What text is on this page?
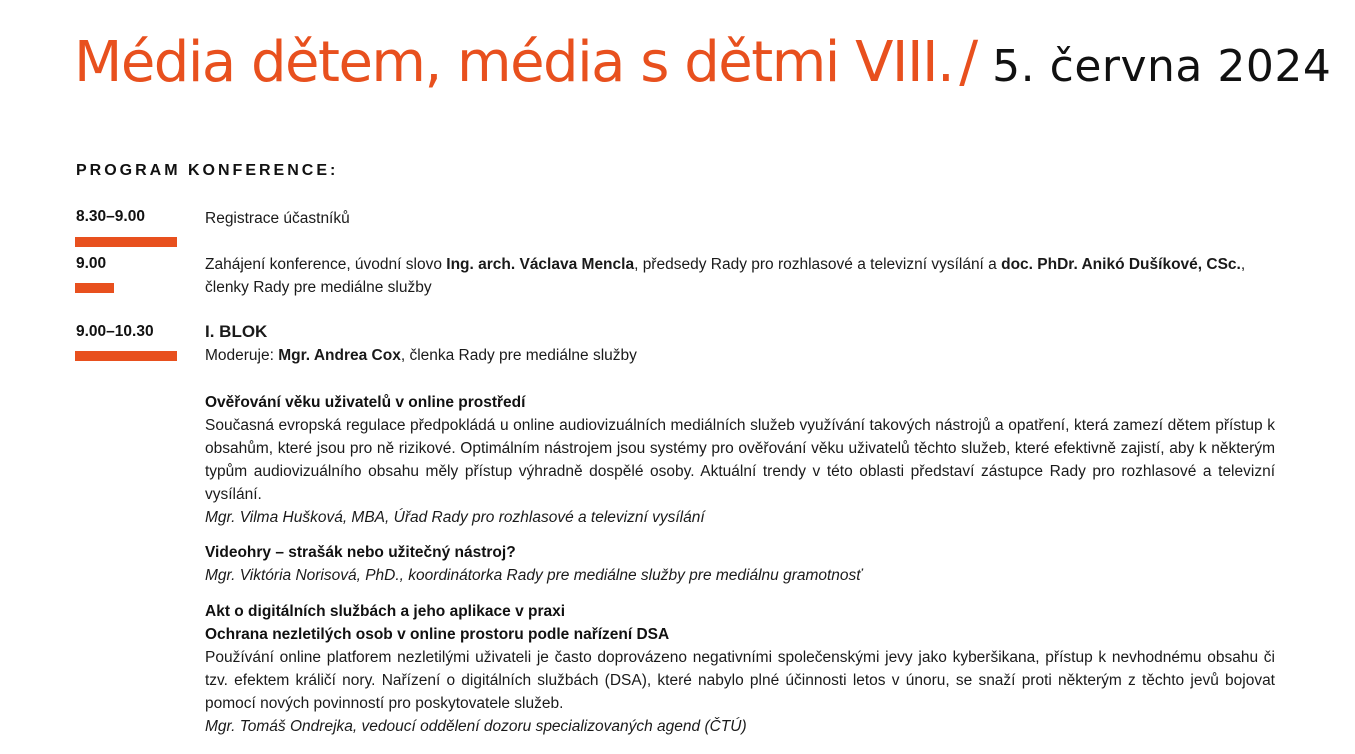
Média dětem, média s dětmi VIII. / 5. června 2024
PROGRAM KONFERENCE:
8.30–9.00	Registrace účastníků
9.00	Zahájení konference, úvodní slovo Ing. arch. Václava Mencla, předsedy Rady pro rozhlasové a televizní vysílání a doc. PhDr. Anikó Dušíkové, CSc.,
členky Rady pre mediálne služby
9.00–10.30	I. BLOK
Moderuje: Mgr. Andrea Cox, členka Rady pre mediálne služby
Ověřování věku uživatelů v online prostředí
Současná evropská regulace předpokládá u online audiovizuálních mediálních služeb využívání takových nástrojů a opatření, která zamezí dětem přístup k obsahům, které jsou pro ně rizikové. Optimálním nástrojem jsou systémy pro ověřování věku uživatelů těchto služeb, které efektivně zajistí, aby k některým typům audiovizuálního obsahu měly přístup výhradně dospělé osoby. Aktuální trendy v této oblasti představí zástupce Rady pro rozhlasové a televizní vysílání.
Mgr. Vilma Hušková, MBA, Úřad Rady pro rozhlasové a televizní vysílání
Videohry – strašák nebo užitečný nástroj?
Mgr. Viktória Norisová, PhD., koordinátorka Rady pre mediálne služby pre mediálnu gramotnosť
Akt o digitálních službách a jeho aplikace v praxi
Ochrana nezletilých osob v online prostoru podle nařízení DSA
Používání online platforem nezletilými uživateli je často doprovázeno negativními společenskými jevy jako kyberšikana, přístup k nevhodnému obsahu či tzv. efektem králičí nory. Nařízení o digitálních službách (DSA), které nabylo plné účinnosti letos v únoru, se snaží proti některým z těchto jevů bojovat pomocí nových povinností pro poskytovatele služeb.
Mgr. Tomáš Ondrejka, vedoucí oddělení dozoru specializovaných agend (ČTÚ)
